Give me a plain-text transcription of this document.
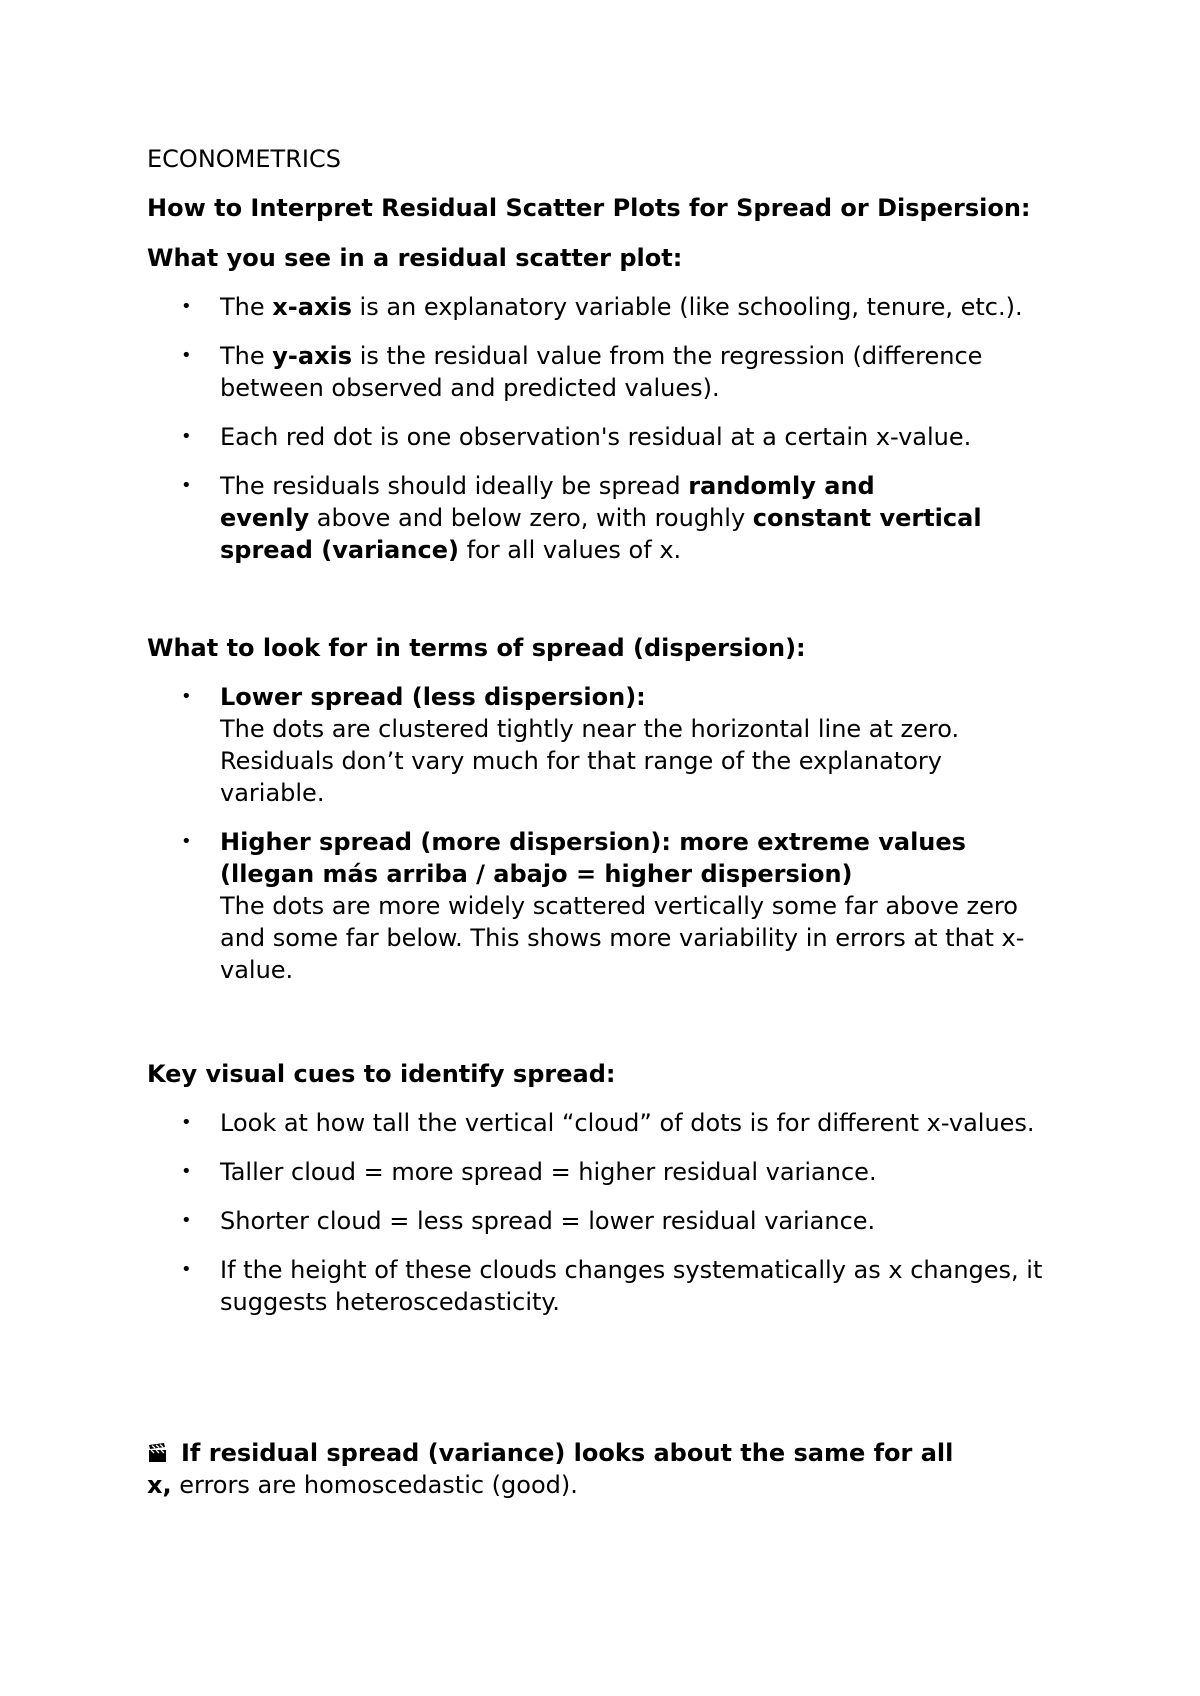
ECONOMETRICS
How to Interpret Residual Scatter Plots for Spread or Dispersion:
What you see in a residual scatter plot:
• The x-axis is an explanatory variable (like schooling, tenure, etc.).
• The y-axis is the residual value from the regression (difference
between observed and predicted values).
• Each red dot is one observation's residual at a certain x-value.
• The residuals should ideally be spread randomly and
evenly above and below zero, with roughly constant vertical
spread (variance) for all values of x.
What to look for in terms of spread (dispersion):
• Lower spread (less dispersion):
The dots are clustered tightly near the horizontal line at zero.
Residuals don’t vary much for that range of the explanatory
variable.
• Higher spread (more dispersion): more extreme values
(llegan más arriba / abajo = higher dispersion)
The dots are more widely scattered vertically some far above zero
and some far below. This shows more variability in errors at that x-
value.
Key visual cues to identify spread:
• Look at how tall the vertical “cloud” of dots is for different x-values.
• Taller cloud = more spread = higher residual variance.
• Shorter cloud = less spread = lower residual variance.
• If the height of these clouds changes systematically as x changes, it
suggests heteroscedasticity.
If residual spread (variance) looks about the same for all
x, errors are homoscedastic (good).
